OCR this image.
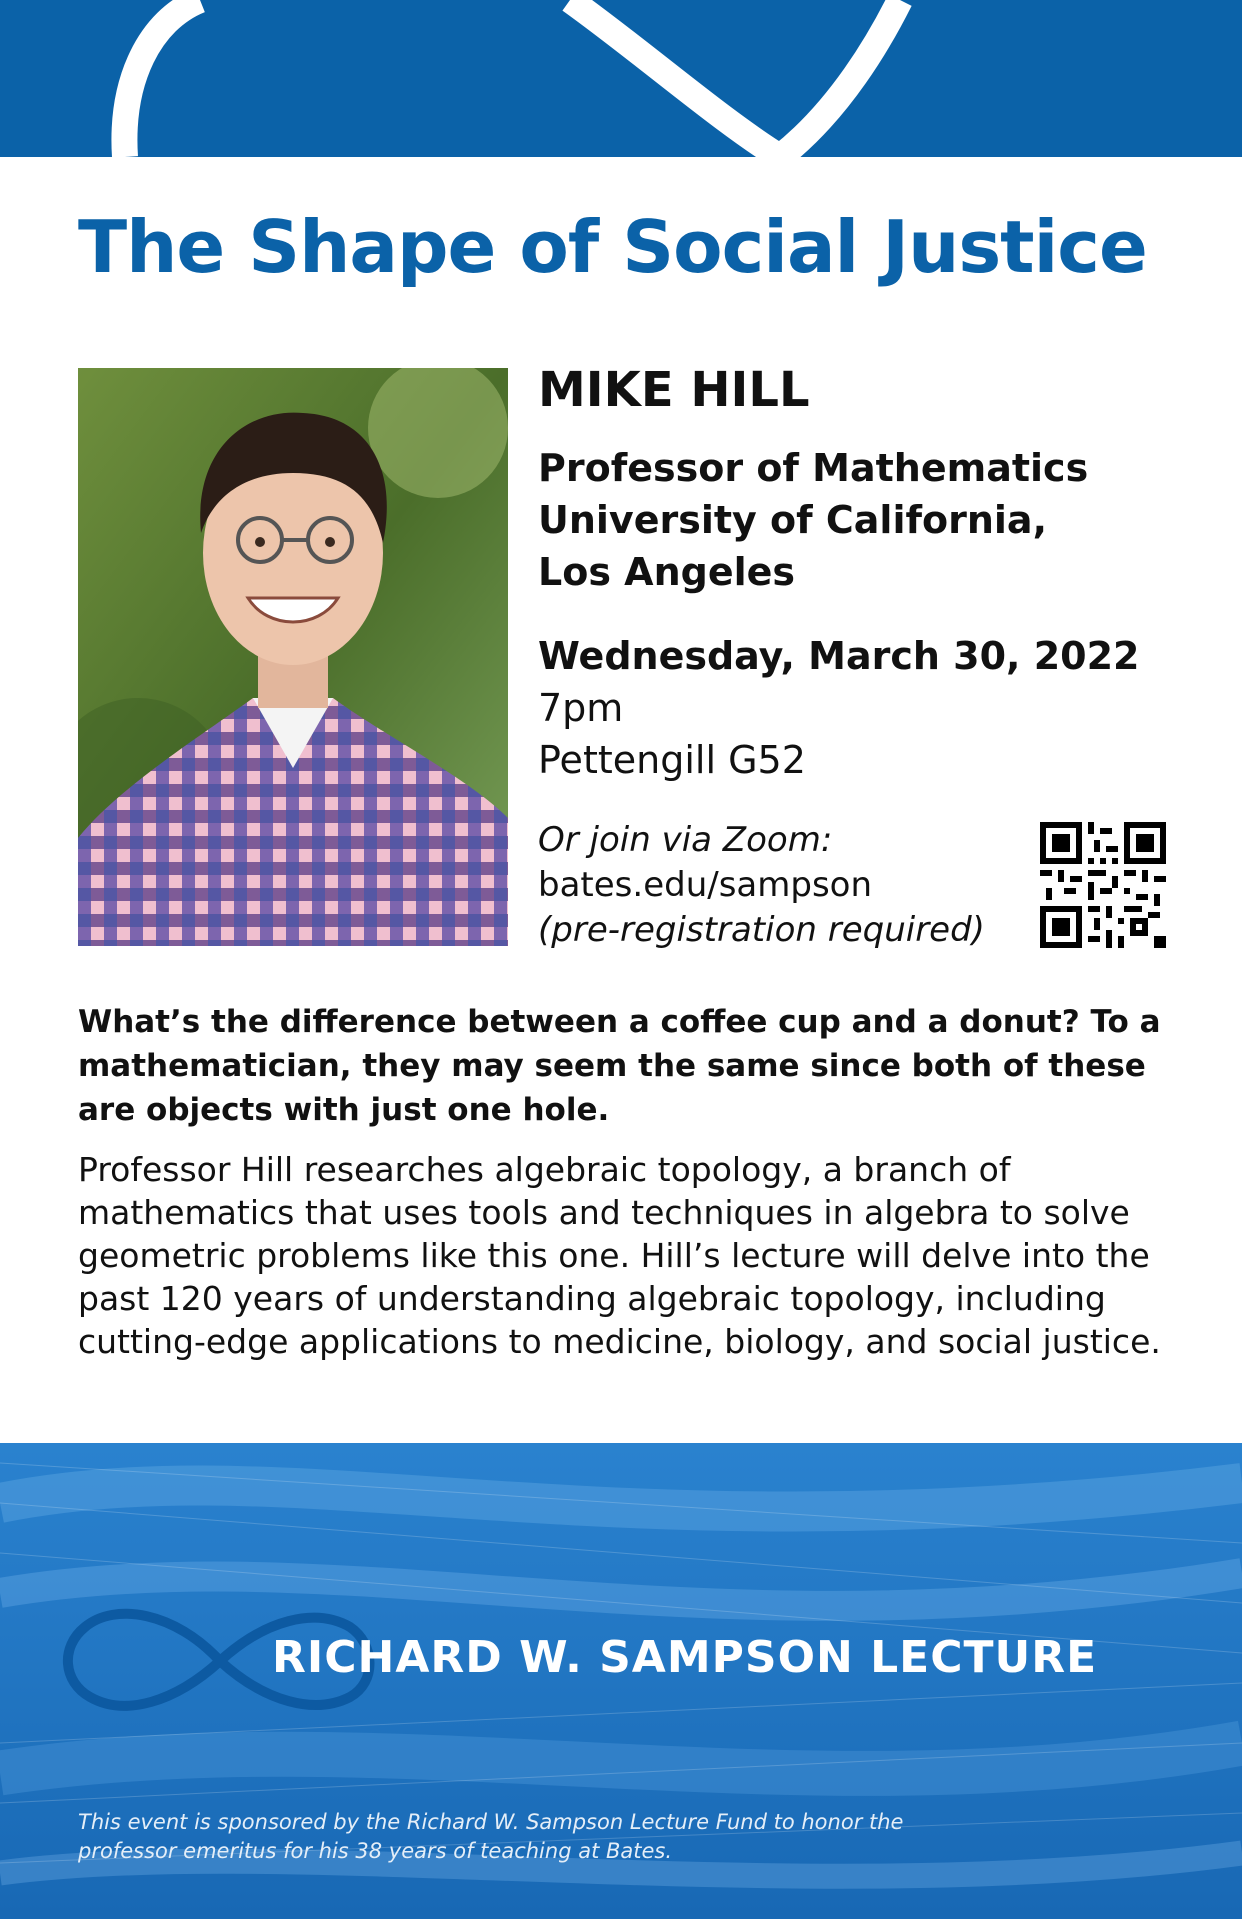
The Shape of Social Justice
MIKE HILL
Professor of Mathematics
University of California,
Los Angeles
Wednesday, March 30, 2022
7pm
Pettengill G52
Or join via Zoom:
bates.edu/sampson
(pre-registration required)

What’s the difference between a coffee cup and a donut? To a mathematician, they may seem the same since both of these are objects with just one hole.

Professor Hill researches algebraic topology, a branch of mathematics that uses tools and techniques in algebra to solve geometric problems like this one. Hill’s lecture will delve into the past 120 years of understanding algebraic topology, including cutting-edge applications to medicine, biology, and social justice.

RICHARD W. SAMPSON LECTURE
This event is sponsored by the Richard W. Sampson Lecture Fund to honor the professor emeritus for his 38 years of teaching at Bates.
